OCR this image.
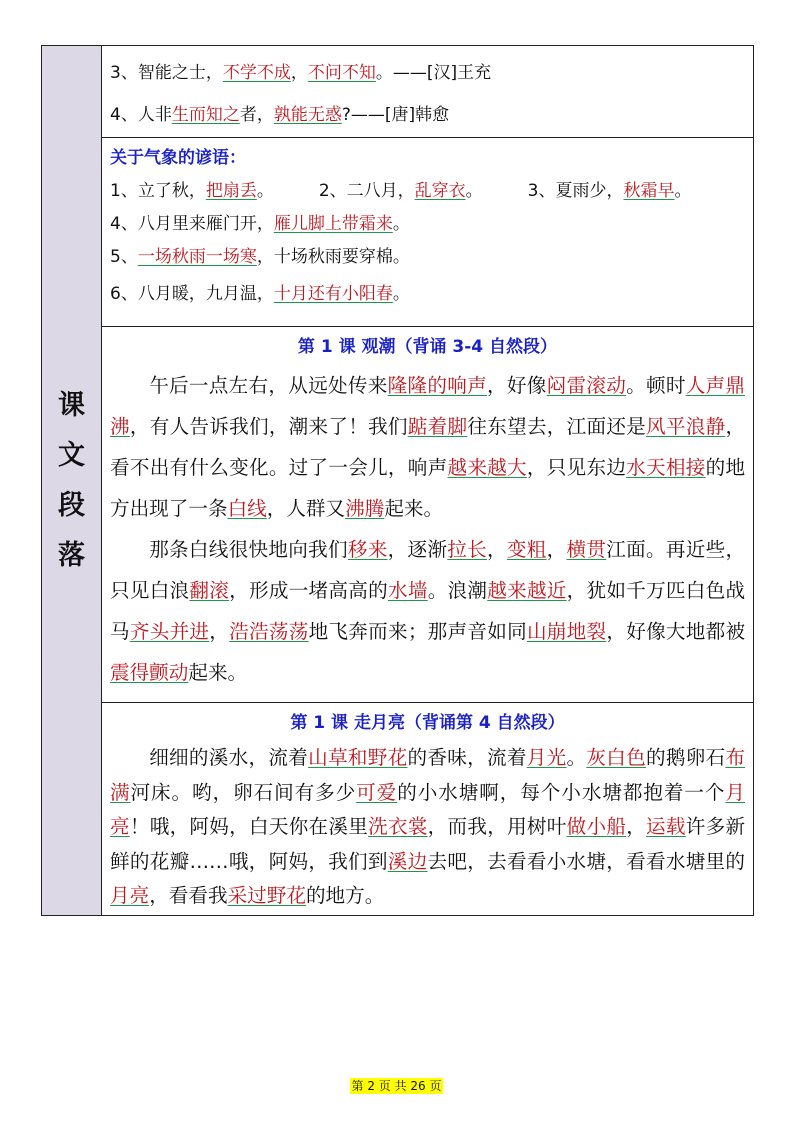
课
文
段
落

3、智能之士，不学不成，不问不知。——[汉]王充

4、人非生而知之者，孰能无惑?——[唐]韩愈

关于气象的谚语：

1、立了秋，把扇丢。	2、二八月，乱穿衣。	3、夏雨少，秋霜早。

4、八月里来雁门开，雁儿脚上带霜来。

5、一场秋雨一场寒，十场秋雨要穿棉。

6、八月暖，九月温，十月还有小阳春。

第 1 课 观潮（背诵 3-4 自然段）

午后一点左右，从远处传来隆隆的响声，好像闷雷滚动。顿时人声鼎沸，有人告诉我们，潮来了！我们踮着脚往东望去，江面还是风平浪静，看不出有什么变化。过了一会儿，响声越来越大，只见东边水天相接的地方出现了一条白线，人群又沸腾起来。

那条白线很快地向我们移来，逐渐拉长，变粗，横贯江面。再近些，只见白浪翻滚，形成一堵高高的水墙。浪潮越来越近，犹如千万匹白色战马齐头并进，浩浩荡荡地飞奔而来；那声音如同山崩地裂，好像大地都被震得颤动起来。

第 1 课 走月亮（背诵第 4 自然段）

细细的溪水，流着山草和野花的香味，流着月光。灰白色的鹅卵石布满河床。哟，卵石间有多少可爱的小水塘啊，每个小水塘都抱着一个月亮！哦，阿妈，白天你在溪里洗衣裳，而我，用树叶做小船，运载许多新鲜的花瓣……哦，阿妈，我们到溪边去吧，去看看小水塘，看看水塘里的月亮，看看我采过野花的地方。

第 2 页 共 26 页
